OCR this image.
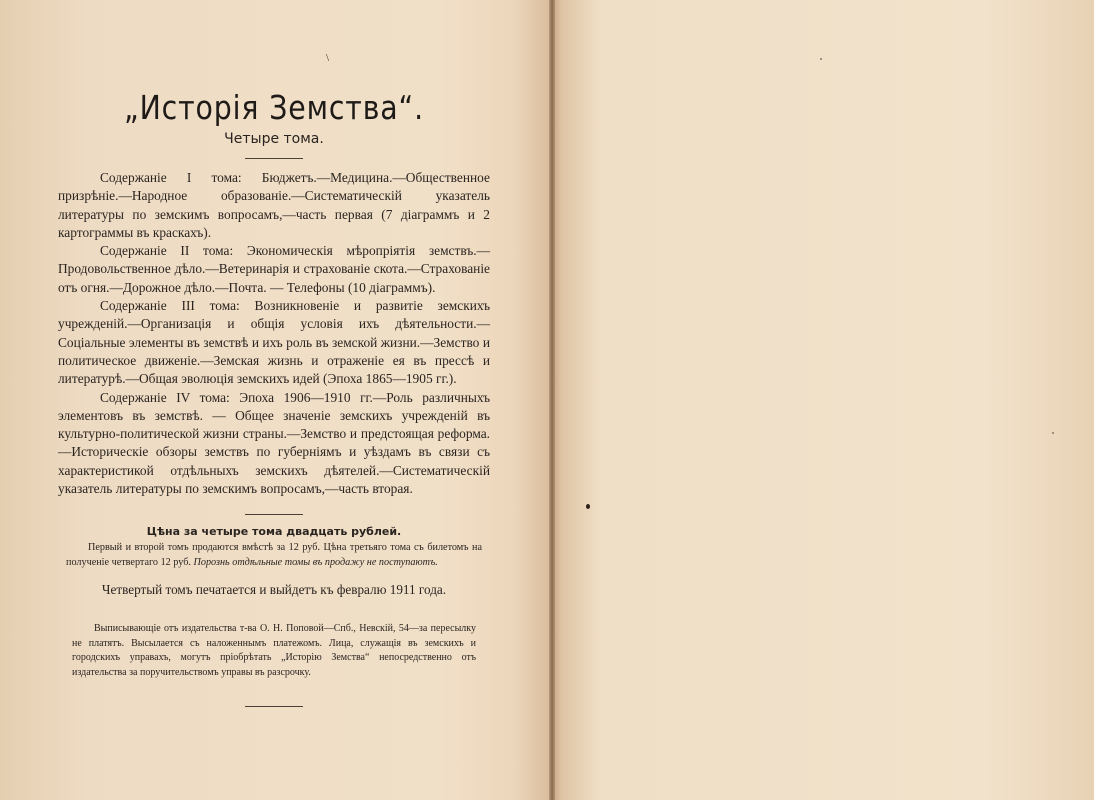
\
„Исторія Земства“.
Четыре тома.

Содержаніе I тома: Бюджетъ.—Медицина.—Общественное призрѣніе.—Народное образованіе.—Систематическій указатель литературы по земскимъ вопросамъ,—часть первая (7 діаграммъ и 2 картограммы въ краскахъ).

Содержаніе II тома: Экономическія мѣропріятія земствъ.—Продовольственное дѣло.—Ветеринарія и страхованіе скота.—Страхованіе отъ огня.—Дорожное дѣло.—Почта. — Телефоны (10 діаграммъ).

Содержаніе III тома: Возникновеніе и развитіе земскихъ учрежденій.—Организація и общія условія ихъ дѣятельности.—Соціальные элементы въ земствѣ и ихъ роль въ земской жизни.—Земство и политическое движеніе.—Земская жизнь и отраженіе ея въ прессѣ и литературѣ.—Общая эволюція земскихъ идей (Эпоха 1865—1905 гг.).

Содержаніе IV тома: Эпоха 1906—1910 гг.—Роль различныхъ элементовъ въ земствѣ. — Общее значеніе земскихъ учрежденій въ культурно-политической жизни страны.—Земство и предстоящая реформа.—Историческіе обзоры земствъ по губерніямъ и уѣздамъ въ связи съ характеристикой отдѣльныхъ земскихъ дѣятелей.—Систематическій указатель литературы по земскимъ вопросамъ,—часть вторая.

Цѣна за четыре тома двадцать рублей.

Первый и второй томъ продаются вмѣстѣ за 12 руб. Цѣна третьяго тома съ билетомъ на полученіе четвертаго 12 руб. Порознь отдѣльные томы въ продажу не поступаютъ.

Четвертый томъ печатается и выйдетъ къ февралю 1911 года.

Выписывающіе отъ издательства т-ва О. Н. Поповой—Спб., Невскій, 54—за пересылку не платятъ. Высылается съ наложеннымъ платежомъ. Лица, служащія въ земскихъ и городскихъ управахъ, могутъ пріобрѣтать „Исторію Земства“ непосредственно отъ издательства за поручительствомъ управы въ разсрочку.
